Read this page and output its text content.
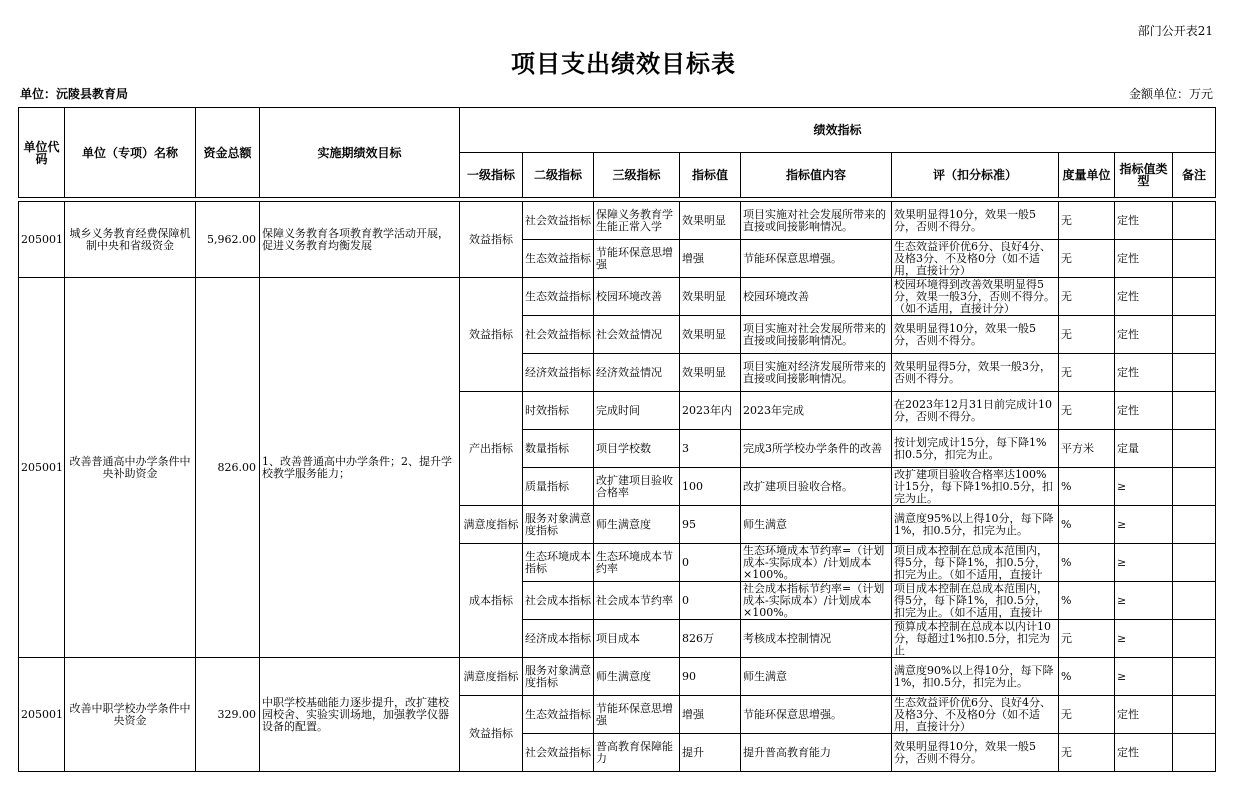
部门公开表21
项目支出绩效目标表
单位：沅陵县教育局	金额单位：万元
单位代码	单位（专项）名称	资金总额	实施期绩效目标	绩效指标								
				一级指标	二级指标	三级指标	指标值	指标值内容	评（扣分标准）	度量单位	指标值类型	备注

205001	城乡义务教育经费保障机制中央和省级资金	5,962.00	保障义务教育各项教育教学活动开展，促进义务教育均衡发展	效益指标	社会效益指标	保障义务教育学生能正常入学	效果明显	项目实施对社会发展所带来的直接或间接影响情况。	效果明显得10分，效果一般5分，否则不得分。	无	定性	
					生态效益指标	节能环保意思增强	增强	节能环保意思增强。	生态效益评价优6分、良好4分、及格3分、不及格0分（如不适用，直接计分）	无	定性	
205001	改善普通高中办学条件中央补助资金	826.00	1、改善普通高中办学条件；2、提升学校教学服务能力；	效益指标	生态效益指标	校园环境改善	效果明显	校园环境改善	校园环境得到改善效果明显得5分，效果一般3分，否则不得分。（如不适用，直接计分）	无	定性	
					社会效益指标	社会效益情况	效果明显	项目实施对社会发展所带来的直接或间接影响情况。	效果明显得10分，效果一般5分，否则不得分。	无	定性	
					经济效益指标	经济效益情况	效果明显	项目实施对经济发展所带来的直接或间接影响情况。	效果明显得5分，效果一般3分，否则不得分。	无	定性	
				产出指标	时效指标	完成时间	2023年内	2023年完成	在2023年12月31日前完成计10分，否则不得分。	无	定性	
					数量指标	项目学校数	3	完成3所学校办学条件的改善	按计划完成计15分，每下降1%扣0.5分，扣完为止。	平方米	定量	
					质量指标	改扩建项目验收合格率	100	改扩建项目验收合格。	改扩建项目验收合格率达100%计15分，每下降1%扣0.5分，扣完为止。	%	≥	
				满意度指标	服务对象满意度指标	师生满意度	95	师生满意	满意度95%以上得10分，每下降1%，扣0.5分，扣完为止。	%	≥	
				成本指标	生态环境成本指标	生态环境成本节约率	0	生态环境成本节约率=（计划成本-实际成本）/计划成本×100%。	项目成本控制在总成本范围内，得5分，每下降1%，扣0.5分，扣完为止。（如不适用，直接计	%	≥	
					社会成本指标	社会成本节约率	0	社会成本指标节约率=（计划成本-实际成本）/计划成本×100%。	项目成本控制在总成本范围内，得5分，每下降1%，扣0.5分，扣完为止。（如不适用，直接计	%	≥	
					经济成本指标	项目成本	826万	考核成本控制情况	预算成本控制在总成本以内计10分，每超过1%扣0.5分，扣完为止	元	≥	
205001	改善中职学校办学条件中央资金	329.00	中职学校基础能力逐步提升，改扩建校园校舍、实验实训场地，加强教学仪器设备的配置。	满意度指标	服务对象满意度指标	师生满意度	90	师生满意	满意度90%以上得10分，每下降1%，扣0.5分，扣完为止。	%	≥	
				效益指标	生态效益指标	节能环保意思增强	增强	节能环保意思增强。	生态效益评价优6分、良好4分、及格3分、不及格0分（如不适用，直接计分）	无	定性	
					社会效益指标	普高教育保障能力	提升	提升普高教育能力	效果明显得10分，效果一般5分，否则不得分。	无	定性	
